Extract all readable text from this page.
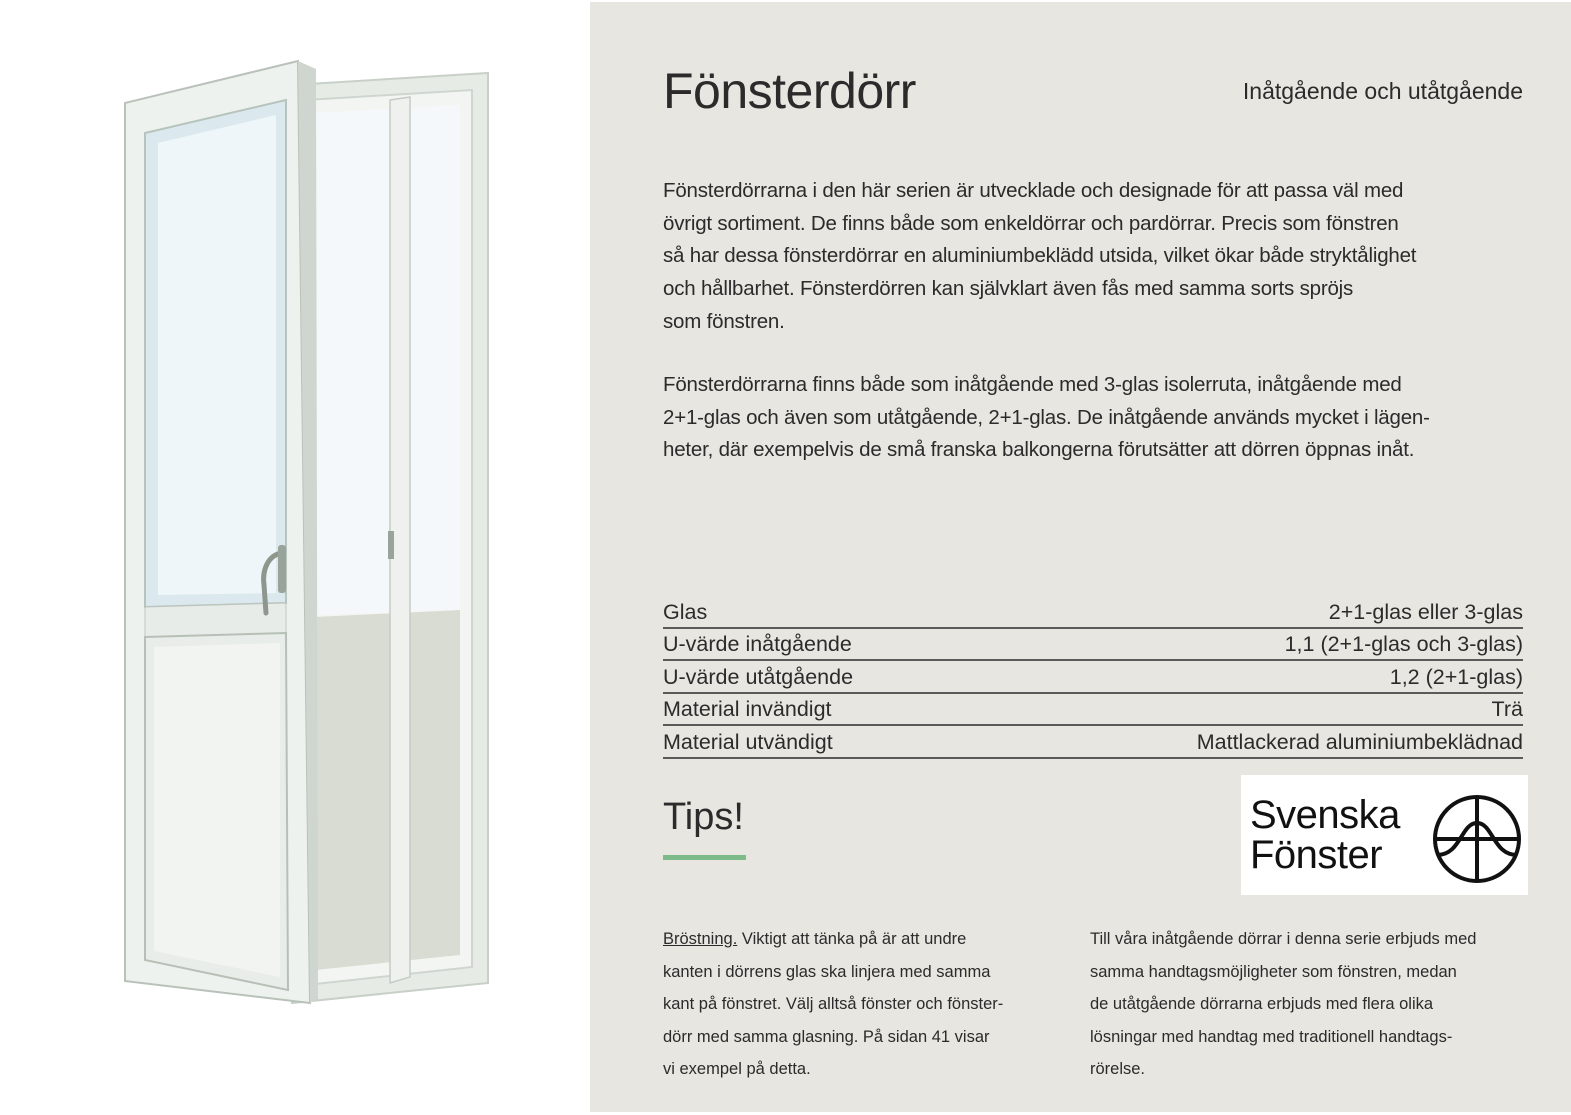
Fönsterdörr	Inåtgående och utåtgående

Fönsterdörrarna i den här serien är utvecklade och designade för att passa väl med

övrigt sortiment. De finns både som enkeldörrar och pardörrar. Precis som fönstren

så har dessa fönsterdörrar en aluminiumbeklädd utsida, vilket ökar både stryktålighet

och hållbarhet. Fönsterdörren kan självklart även fås med samma sorts spröjs

som fönstren.

Fönsterdörrarna finns både som inåtgående med 3-glas isolerruta, inåtgående med

2+1-glas och även som utåtgående, 2+1-glas. De inåtgående används mycket i lägen-

heter, där exempelvis de små franska balkongerna förutsätter att dörren öppnas inåt.

Glas	2+1-glas eller 3-glas
U-värde inåtgående	1,1 (2+1-glas och 3-glas)
U-värde utåtgående	1,2 (2+1-glas)
Material invändigt	Trä
Material utvändigt	Mattlackerad aluminiumbeklädnad
Tips!	Svenska
Fönster

Bröstning. Viktigt att tänka på är att undre

kanten i dörrens glas ska linjera med samma

kant på fönstret. Välj alltså fönster och fönster-

dörr med samma glasning. På sidan 41 visar

vi exempel på detta.

Till våra inåtgående dörrar i denna serie erbjuds med

samma handtagsmöjligheter som fönstren, medan

de utåtgående dörrarna erbjuds med flera olika

lösningar med handtag med traditionell handtags-

rörelse.
